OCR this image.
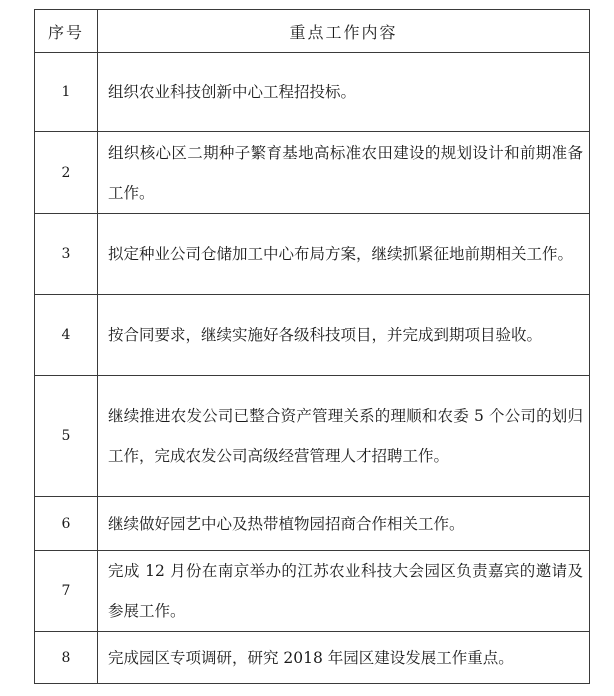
序号	重点工作内容
1	组织农业科技创新中心工程招投标。
2	组织核心区二期种子繁育基地高标准农田建设的规划设计和前期准备工作。
3	拟定种业公司仓储加工中心布局方案，继续抓紧征地前期相关工作。
4	按合同要求，继续实施好各级科技项目，并完成到期项目验收。
5	继续推进农发公司已整合资产管理关系的理顺和农委 5 个公司的划归工作，完成农发公司高级经营管理人才招聘工作。
6	继续做好园艺中心及热带植物园招商合作相关工作。
7	完成 12 月份在南京举办的江苏农业科技大会园区负责嘉宾的邀请及参展工作。
8	完成园区专项调研，研究 2018 年园区建设发展工作重点。
